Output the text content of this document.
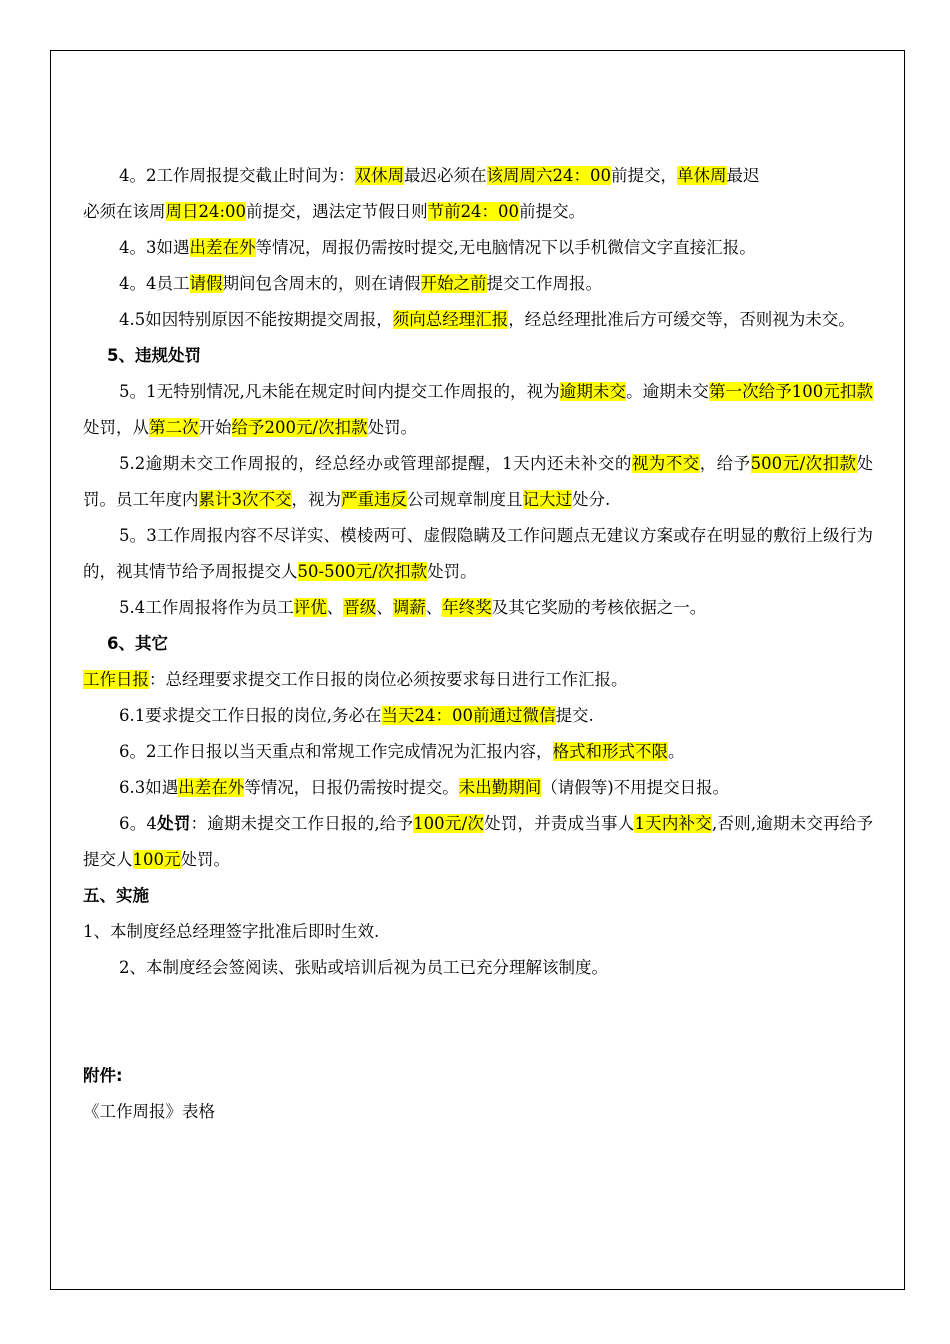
4。2工作周报提交截止时间为：双休周最迟必须在该周周六24：00前提交，单休周最迟

必须在该周周日24:00前提交，遇法定节假日则节前24：00前提交。

4。3如遇出差在外等情况，周报仍需按时提交,无电脑情况下以手机微信文字直接汇报。

4。4员工请假期间包含周末的，则在请假开始之前提交工作周报。

4.5如因特别原因不能按期提交周报，须向总经理汇报，经总经理批准后方可缓交等，否则视为未交。

5、违规处罚

5。1无特别情况,凡未能在规定时间内提交工作周报的，视为逾期未交。逾期未交第一次给予100元扣款处罚，从第二次开始给予200元/次扣款处罚。

5.2逾期未交工作周报的，经总经办或管理部提醒，1天内还未补交的视为不交，给予500元/次扣款处罚。员工年度内累计3次不交，视为严重违反公司规章制度且记大过处分.

5。3工作周报内容不尽详实、模棱两可、虚假隐瞒及工作问题点无建议方案或存在明显的敷衍上级行为的，视其情节给予周报提交人50-500元/次扣款处罚。

5.4工作周报将作为员工评优、晋级、调薪、年终奖及其它奖励的考核依据之一。

6、其它

工作日报：总经理要求提交工作日报的岗位必须按要求每日进行工作汇报。

6.1要求提交工作日报的岗位,务必在当天24：00前通过微信提交.

6。2工作日报以当天重点和常规工作完成情况为汇报内容，格式和形式不限。

6.3如遇出差在外等情况，日报仍需按时提交。未出勤期间（请假等)不用提交日报。

6。4处罚：逾期未提交工作日报的,给予100元/次处罚，并责成当事人1天内补交,否则,逾期未交再给予提交人100元处罚。

五、实施

1、本制度经总经理签字批准后即时生效.

2、本制度经会签阅读、张贴或培训后视为员工已充分理解该制度。

附件:

《工作周报》表格
